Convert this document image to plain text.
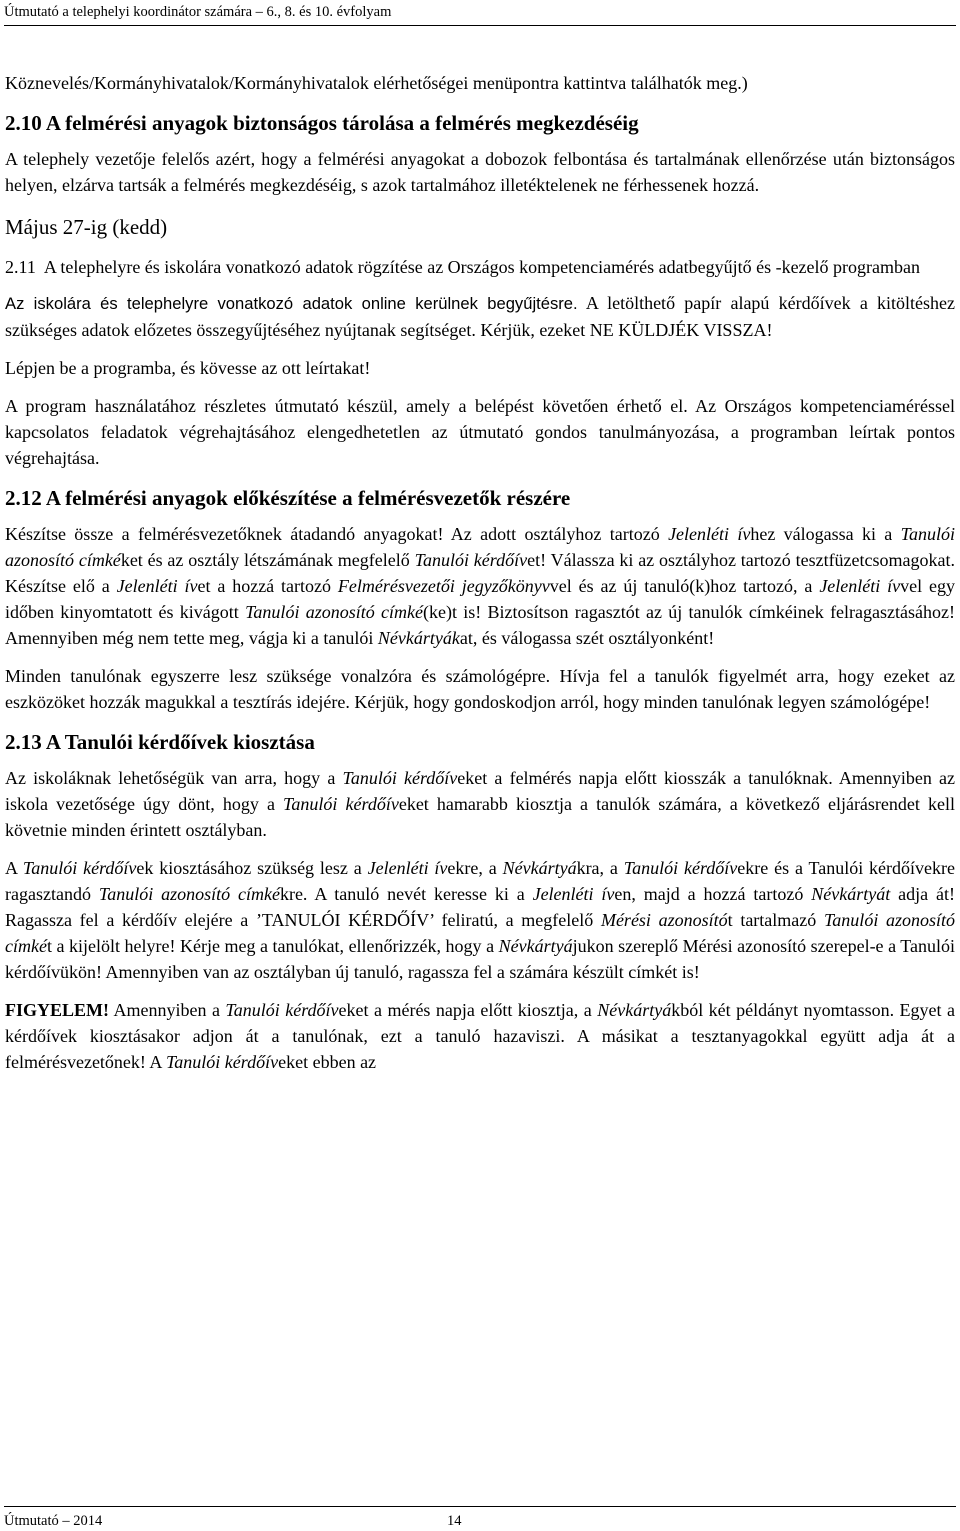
Útmutató a telephelyi koordinátor számára – 6., 8. és 10. évfolyam

Köznevelés/Kormányhivatalok/Kormányhivatalok elérhetőségei menüpontra kattintva találhatók meg.)

2.10 A felmérési anyagok biztonságos tárolása a felmérés megkezdéséig

A telephely vezetője felelős azért, hogy a felmérési anyagokat a dobozok felbontása és tartalmának ellenőrzése után biztonságos helyen, elzárva tartsák a felmérés megkezdéséig, s azok tartalmához illetéktelenek ne férhessenek hozzá.

Május 27-ig (kedd)
2.11 A telephelyre és iskolára vonatkozó adatok rögzítése az Országos kompetenciamérés adatbegyűjtő és -kezelő programban

Az iskolára és telephelyre vonatkozó adatok online kerülnek begyűjtésre. A letölthető papír alapú kérdőívek a kitöltéshez szükséges adatok előzetes összegyűjtéséhez nyújtanak segítséget. Kérjük, ezeket NE KÜLDJÉK VISSZA!

Lépjen be a programba, és kövesse az ott leírtakat!

A program használatához részletes útmutató készül, amely a belépést követően érhető el. Az Országos kompetenciaméréssel kapcsolatos feladatok végrehajtásához elengedhetetlen az útmutató gondos tanulmányozása, a programban leírtak pontos végrehajtása.

2.12 A felmérési anyagok előkészítése a felmérésvezetők részére

Készítse össze a felmérésvezetőknek átadandó anyagokat! Az adott osztályhoz tartozó Jelenléti ívhez válogassa ki a Tanulói azonosító címkéket és az osztály létszámának megfelelő Tanulói kérdőívet! Válassza ki az osztályhoz tartozó tesztfüzetcsomagokat. Készítse elő a Jelenléti ívet a hozzá tartozó Felmérésvezetői jegyzőkönyvvel és az új tanuló(k)hoz tartozó, a Jelenléti ívvel egy időben kinyomtatott és kivágott Tanulói azonosító címké(ke)t is! Biztosítson ragasztót az új tanulók címkéinek felragasztásához! Amennyiben még nem tette meg, vágja ki a tanulói Névkártyákat, és válogassa szét osztályonként!

Minden tanulónak egyszerre lesz szüksége vonalzóra és számológépre. Hívja fel a tanulók figyelmét arra, hogy ezeket az eszközöket hozzák magukkal a tesztírás idejére. Kérjük, hogy gondoskodjon arról, hogy minden tanulónak legyen számológépe!

2.13 A Tanulói kérdőívek kiosztása

Az iskoláknak lehetőségük van arra, hogy a Tanulói kérdőíveket a felmérés napja előtt kiosszák a tanulóknak. Amennyiben az iskola vezetősége úgy dönt, hogy a Tanulói kérdőíveket hamarabb kiosztja a tanulók számára, a következő eljárásrendet kell követnie minden érintett osztályban.

A Tanulói kérdőívek kiosztásához szükség lesz a Jelenléti ívekre, a Névkártyákra, a Tanulói kérdőívekre és a Tanulói kérdőívekre ragasztandó Tanulói azonosító címkékre. A tanuló nevét keresse ki a Jelenléti íven, majd a hozzá tartozó Névkártyát adja át! Ragassza fel a kérdőív elejére a ’TANULÓI KÉRDŐÍV’ feliratú, a megfelelő Mérési azonosítót tartalmazó Tanulói azonosító címkét a kijelölt helyre! Kérje meg a tanulókat, ellenőrizzék, hogy a Névkártyájukon szereplő Mérési azonosító szerepel-e a Tanulói kérdőívükön! Amennyiben van az osztályban új tanuló, ragassza fel a számára készült címkét is!

FIGYELEM! Amennyiben a Tanulói kérdőíveket a mérés napja előtt kiosztja, a Névkártyákból két példányt nyomtasson. Egyet a kérdőívek kiosztásakor adjon át a tanulónak, ezt a tanuló hazaviszi. A másikat a tesztanyagokkal együtt adja át a felmérésvezetőnek! A Tanulói kérdőíveket ebben az

Útmutató – 2014	14
